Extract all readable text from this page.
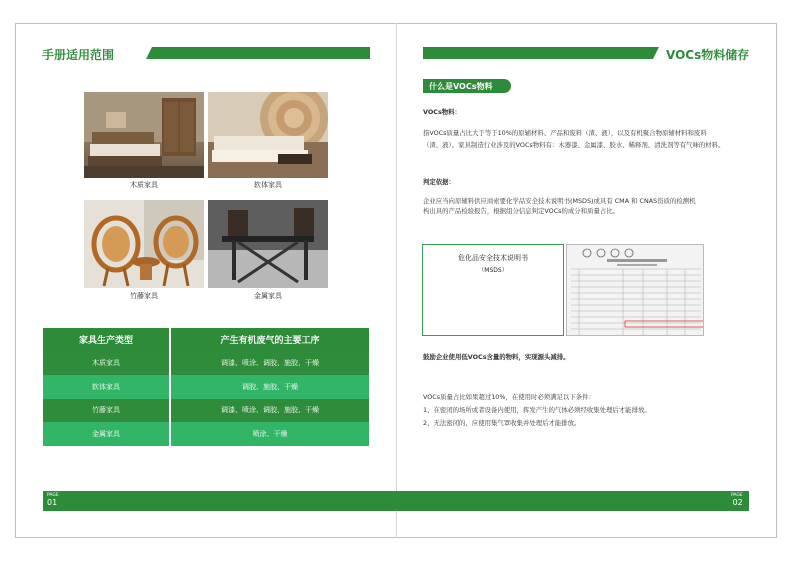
手册适用范围
木质家具	软体家具
竹藤家具	金属家具
家具生产类型	产生有机废气的主要工序
木质家具	调漆、喷涂、调胶、施胶、干燥
软体家具	调胶、施胶、干燥
竹藤家具	调漆、喷涂、调胶、施胶、干燥
金属家具	喷涂、干燥
VOCs物料储存
什么是VOCs物料
VOCs物料：
指VOCs质量占比大于等于10%的原辅材料、产品和废料（渣、液），以及有机聚合物原辅材料和废料
（渣、液）。家具制造行业涉及的VOCs物料有：木器漆、金属漆、胶水、稀释剂、清洗剂等有气味的材料。
判定依据：
企业应当向原辅料供应商索要化学品安全技术说明书(MSDS)或具有 CMA 和 CNAS资质的检测机
构出具的产品检验报告，根据组分信息判定VOCs的成分和质量占比。
危化品安全技术说明书
（MSDS）
鼓励企业使用低VOCs含量的物料，实现源头减排。
VOCs质量占比如果超过10%，在使用时必须满足以下条件：
1、在密闭的场所或者设备内使用，挥发产生的气体必须经收集处理后才能排放。
2、无法密闭的，应使用集气罩收集并处理后才能排放。
PAGE
01
PAGE
02
